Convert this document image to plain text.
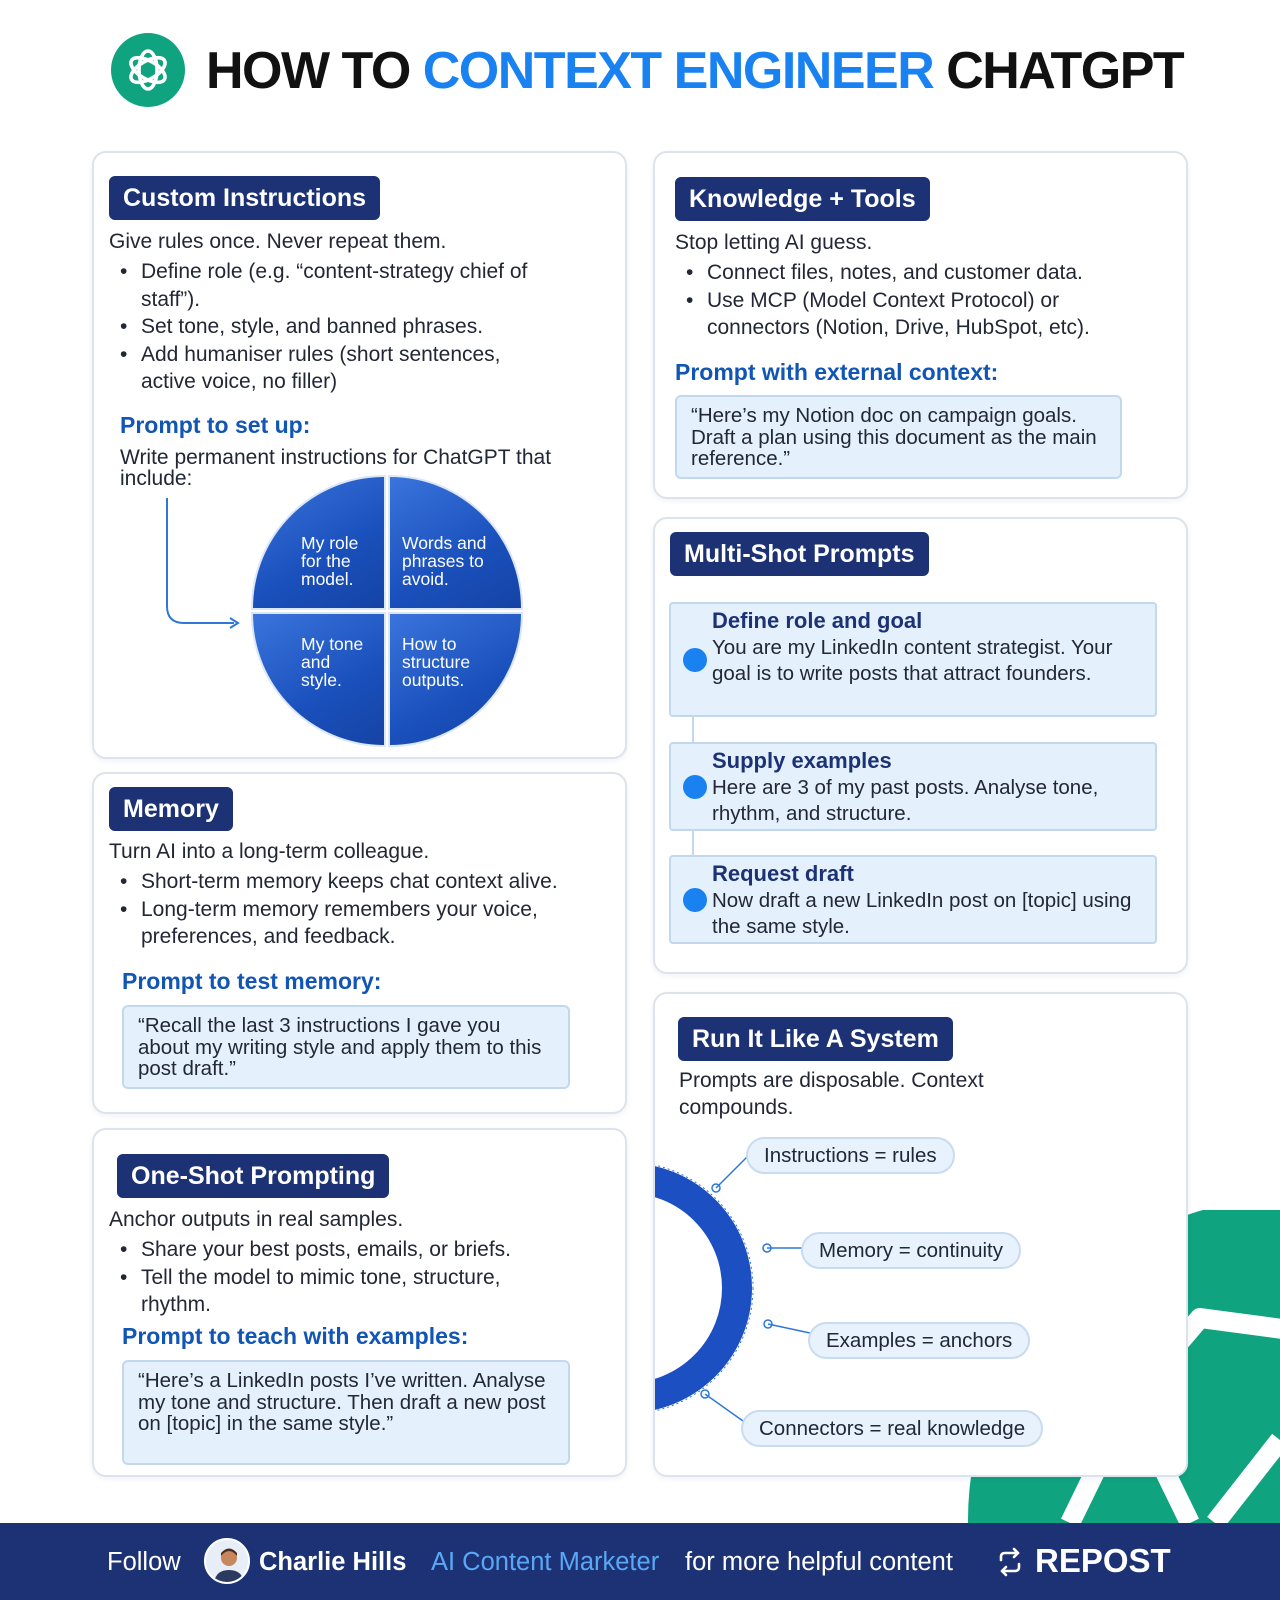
HOW TO CONTEXT ENGINEER CHATGPT
Custom Instructions
Give rules once. Never repeat them.
• Define role (e.g. “content-strategy chief of staff”).
• Set tone, style, and banned phrases.
• Add humaniser rules (short sentences, active voice, no filler)
Prompt to set up:
Write permanent instructions for ChatGPT that include:
My role for the model.
Words and phrases to avoid.
My tone and style.
How to structure outputs.
Memory
Turn AI into a long-term colleague.
• Short-term memory keeps chat context alive.
• Long-term memory remembers your voice, preferences, and feedback.
Prompt to test memory:
“Recall the last 3 instructions I gave you about my writing style and apply them to this post draft.”
One-Shot Prompting
Anchor outputs in real samples.
• Share your best posts, emails, or briefs.
• Tell the model to mimic tone, structure, rhythm.
Prompt to teach with examples:
“Here’s a LinkedIn posts I’ve written. Analyse my tone and structure. Then draft a new post on [topic] in the same style.”
Knowledge + Tools
Stop letting AI guess.
• Connect files, notes, and customer data.
• Use MCP (Model Context Protocol) or connectors (Notion, Drive, HubSpot, etc).
Prompt with external context:
“Here’s my Notion doc on campaign goals. Draft a plan using this document as the main reference.”
Multi-Shot Prompts
Define role and goal
You are my LinkedIn content strategist. Your goal is to write posts that attract founders.
Supply examples
Here are 3 of my past posts. Analyse tone, rhythm, and structure.
Request draft
Now draft a new LinkedIn post on [topic] using the same style.
Run It Like A System
Prompts are disposable. Context compounds.
Instructions = rules
Memory = continuity
Examples = anchors
Connectors = real knowledge
Follow	Charlie Hills AI Content Marketer for more helpful content REPOST
